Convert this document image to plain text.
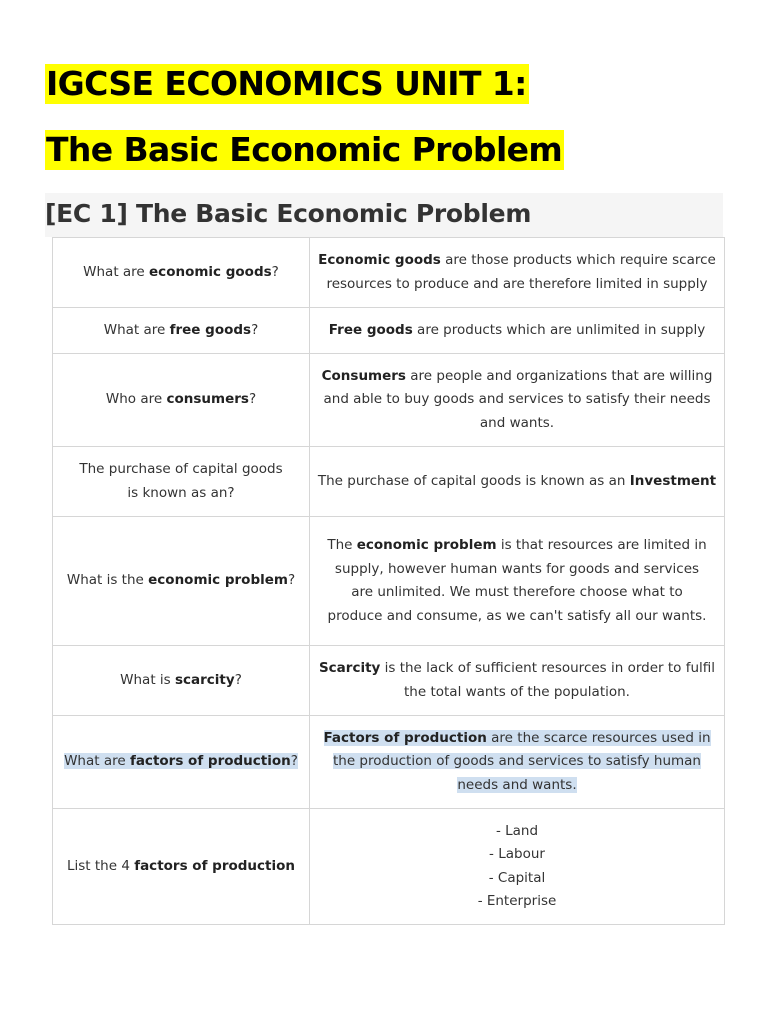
IGCSE ECONOMICS UNIT 1:
The Basic Economic Problem
[EC 1] The Basic Economic Problem
What are economic goods?	Economic goods are those products which require scarce resources to produce and are therefore limited in supply
What are free goods?	Free goods are products which are unlimited in supply
Who are consumers?	Consumers are people and organizations that are willing and able to buy goods and services to satisfy their needs and wants.
The purchase of capital goods is known as an?	The purchase of capital goods is known as an Investment
What is the economic problem?	The economic problem is that resources are limited in supply, however human wants for goods and services are unlimited. We must therefore choose what to produce and consume, as we can't satisfy all our wants.
What is scarcity?	Scarcity is the lack of sufficient resources in order to fulfil the total wants of the population.
What are factors of production?	Factors of production are the scarce resources used in the production of goods and services to satisfy human needs and wants.
List the 4 factors of production	- Land
- Labour
- Capital
- Enterprise
